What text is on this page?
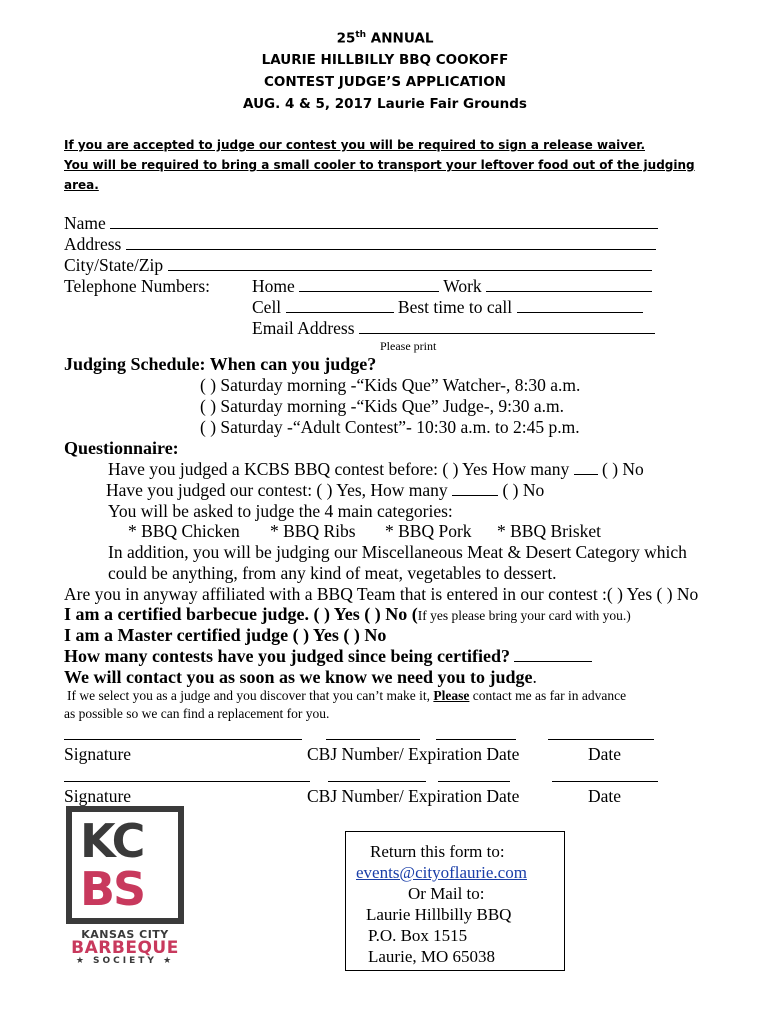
25th ANNUAL
LAURIE HILLBILLY BBQ COOKOFF
CONTEST JUDGE’S APPLICATION
AUG. 4 & 5, 2017 Laurie Fair Grounds
If you are accepted to judge our contest you will be required to sign a release waiver.
You will be required to bring a small cooler to transport your leftover food out of the judging
area.
Name
Address
City/State/Zip
Telephone Numbers: Home	Work
Cell	Best time to call
Email Address
Please print
Judging Schedule: When can you judge?
( ) Saturday morning -“Kids Que” Watcher-, 8:30 a.m.
( ) Saturday morning -“Kids Que” Judge-, 9:30 a.m.
( ) Saturday -“Adult Contest”- 10:30 a.m. to 2:45 p.m.
Questionnaire:
Have you judged a KCBS BBQ contest before: ( ) Yes How many ( ) No
Have you judged our contest: ( ) Yes, How many	( ) No
You will be asked to judge the 4 main categories:
* BBQ Chicken * BBQ Ribs * BBQ Pork * BBQ Brisket
In addition, you will be judging our Miscellaneous Meat & Desert Category which
could be anything, from any kind of meat, vegetables to dessert.
Are you in anyway affiliated with a BBQ Team that is entered in our contest :( ) Yes ( ) No
I am a certified barbecue judge. ( ) Yes ( ) No (If yes please bring your card with you.)
I am a Master certified judge ( ) Yes ( ) No
How many contests have you judged since being certified?
We will contact you as soon as we know we need you to judge.
If we select you as a judge and you discover that you can’t make it, Please contact me as far in advance
as possible so we can find a replacement for you.
Signature	CBJ Number/ Expiration Date	Date
Signature	CBJ Number/ Expiration Date	Date
KC
BS
KANSAS CITY
BARBEQUE
★ SOCIETY ★
Return this form to:
events@cityoflaurie.com
Or Mail to:
Laurie Hillbilly BBQ
P.O. Box 1515
Laurie, MO 65038
